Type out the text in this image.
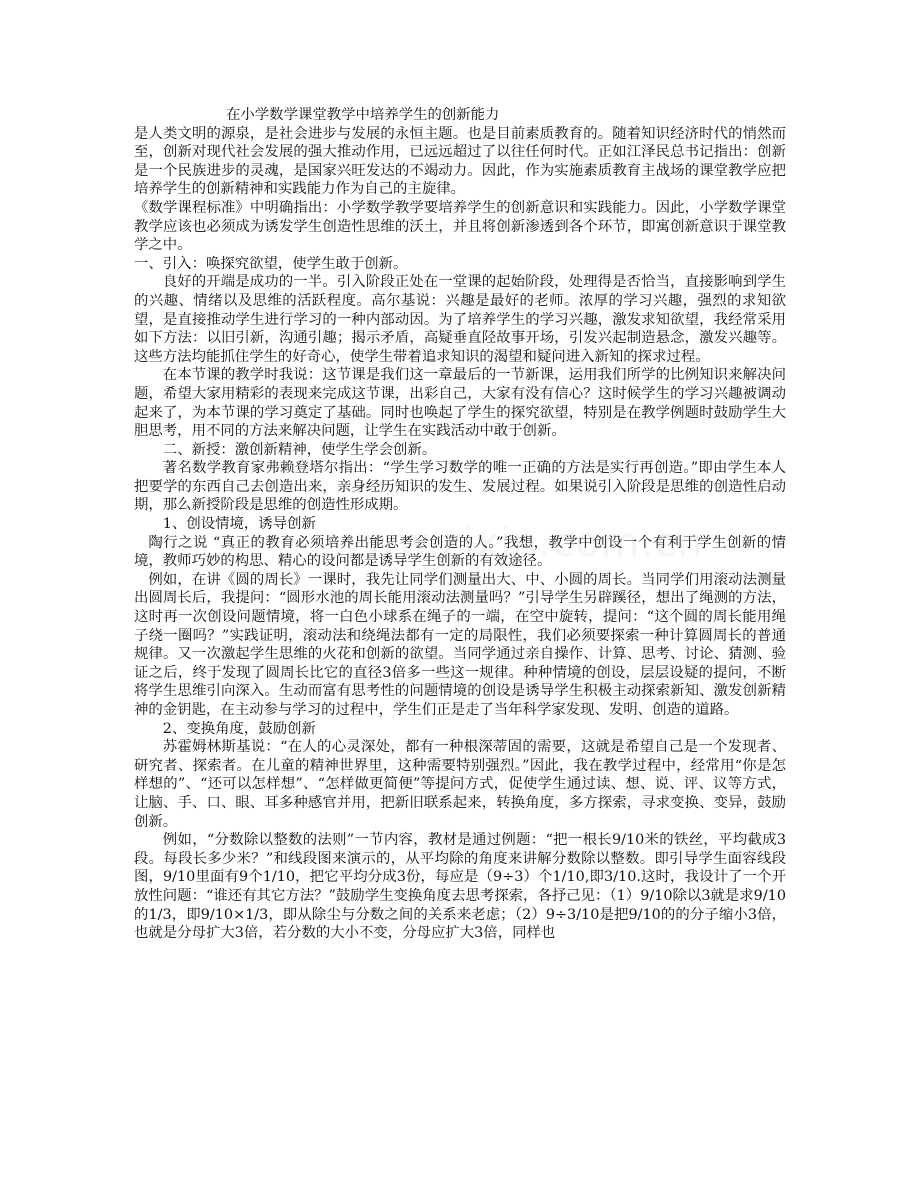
在小学数学课堂教学中培养学生的创新能力

是人类文明的源泉，是社会进步与发展的永恒主题。也是目前素质教育的。随着知识经济时代的悄然而至，创新对现代社会发展的强大推动作用，已远远超过了以往任何时代。正如江泽民总书记指出：创新是一个民族进步的灵魂，是国家兴旺发达的不竭动力。因此，作为实施素质教育主战场的课堂教学应把培养学生的创新精神和实践能力作为自己的主旋律。

《数学课程标准》中明确指出：小学数学教学要培养学生的创新意识和实践能力。因此，小学数学课堂教学应该也必须成为诱发学生创造性思维的沃土，并且将创新渗透到各个环节，即寓创新意识于课堂教学之中。

一、引入：唤探究欲望，使学生敢于创新。

良好的开端是成功的一半。引入阶段正处在一堂课的起始阶段，处理得是否恰当，直接影响到学生的兴趣、情绪以及思维的活跃程度。高尔基说：兴趣是最好的老师。浓厚的学习兴趣，强烈的求知欲望，是直接推动学生进行学习的一种内部动因。为了培养学生的学习兴趣，激发求知欲望，我经常采用如下方法：以旧引新，沟通引趣；揭示矛盾，高疑垂直陉故事开场，引发兴起制造悬念，激发兴趣等。这些方法均能抓住学生的好奇心，使学生带着追求知识的渴望和疑问进入新知的探求过程。

在本节课的教学时我说：这节课是我们这一章最后的一节新课，运用我们所学的比例知识来解决问题，希望大家用精彩的表现来完成这节课，出彩自己，大家有没有信心？这时候学生的学习兴趣被调动起来了，为本节课的学习奠定了基础。同时也唤起了学生的探究欲望，特别是在教学例题时鼓励学生大胆思考，用不同的方法来解决问题，让学生在实践活动中敢于创新。

二、新授：激创新精神，使学生学会创新。

著名数学教育家弗赖登塔尔指出：“学生学习数学的唯一正确的方法是实行再创造。”即由学生本人把要学的东西自己去创造出来，亲身经历知识的发生、发展过程。如果说引入阶段是思维的创造性启动期，那么新授阶段是思维的创造性形成期。

1、创设情境，诱导创新

陶行之说 “真正的教育必须培养出能思考会创造的人。”我想，教学中创设一个有利于学生创新的情境，教师巧妙的构思、精心的设问都是诱导学生创新的有效途径。

例如，在讲《圆的周长》一课时，我先让同学们测量出大、中、小圆的周长。当同学们用滚动法测量出圆周长后，我提问：“圆形水池的周长能用滚动法测量吗？”引导学生另辟蹊径，想出了绳测的方法，这时再一次创设问题情境，将一白色小球系在绳子的一端，在空中旋转，提问：“这个圆的周长能用绳子绕一圈吗？”实践证明，滚动法和绕绳法都有一定的局限性，我们必须要探索一种计算圆周长的普通规律。又一次激起学生思维的火花和创新的欲望。当同学通过亲自操作、计算、思考、讨论、猜测、验证之后，终于发现了圆周长比它的直径3倍多一些这一规律。种种情境的创设，层层设疑的提问，不断将学生思维引向深入。生动而富有思考性的问题情境的创设是诱导学生积极主动探索新知、激发创新精神的金钥匙，在主动参与学习的过程中，学生们正是走了当年科学家发现、发明、创造的道路。

2、变换角度，鼓励创新

苏霍姆林斯基说：“在人的心灵深处，都有一种根深蒂固的需要，这就是希望自己是一个发现者、研究者、探索者。在儿童的精神世界里，这种需要特别强烈。”因此，我在教学过程中，经常用“你是怎样想的”、“还可以怎样想”、“怎样做更简便”等提问方式，促使学生通过读、想、说、评、议等方式，让脑、手、口、眼、耳多种感官并用，把新旧联系起来，转换角度，多方探索，寻求变换、变异，鼓励创新。

例如，“分数除以整数的法则”一节内容，教材是通过例题：“把一根长9/10米的铁丝，平均截成3段。每段长多少米？”和线段图来演示的，从平均除的角度来讲解分数除以整数。即引导学生面容线段图，9/10里面有9个1/10，把它平均分成3份，每应是（9÷3）个1/10,即3/10.这时，我设计了一个开放性问题：“谁还有其它方法？”鼓励学生变换角度去思考探索，各抒己见：（1）9/10除以3就是求9/10的1/3，即9/10×1/3，即从除尘与分数之间的关系来老虑；（2）9÷3/10是把9/10的的分子缩小3倍，也就是分母扩大3倍，若分数的大小不变，分母应扩大3倍，同样也
